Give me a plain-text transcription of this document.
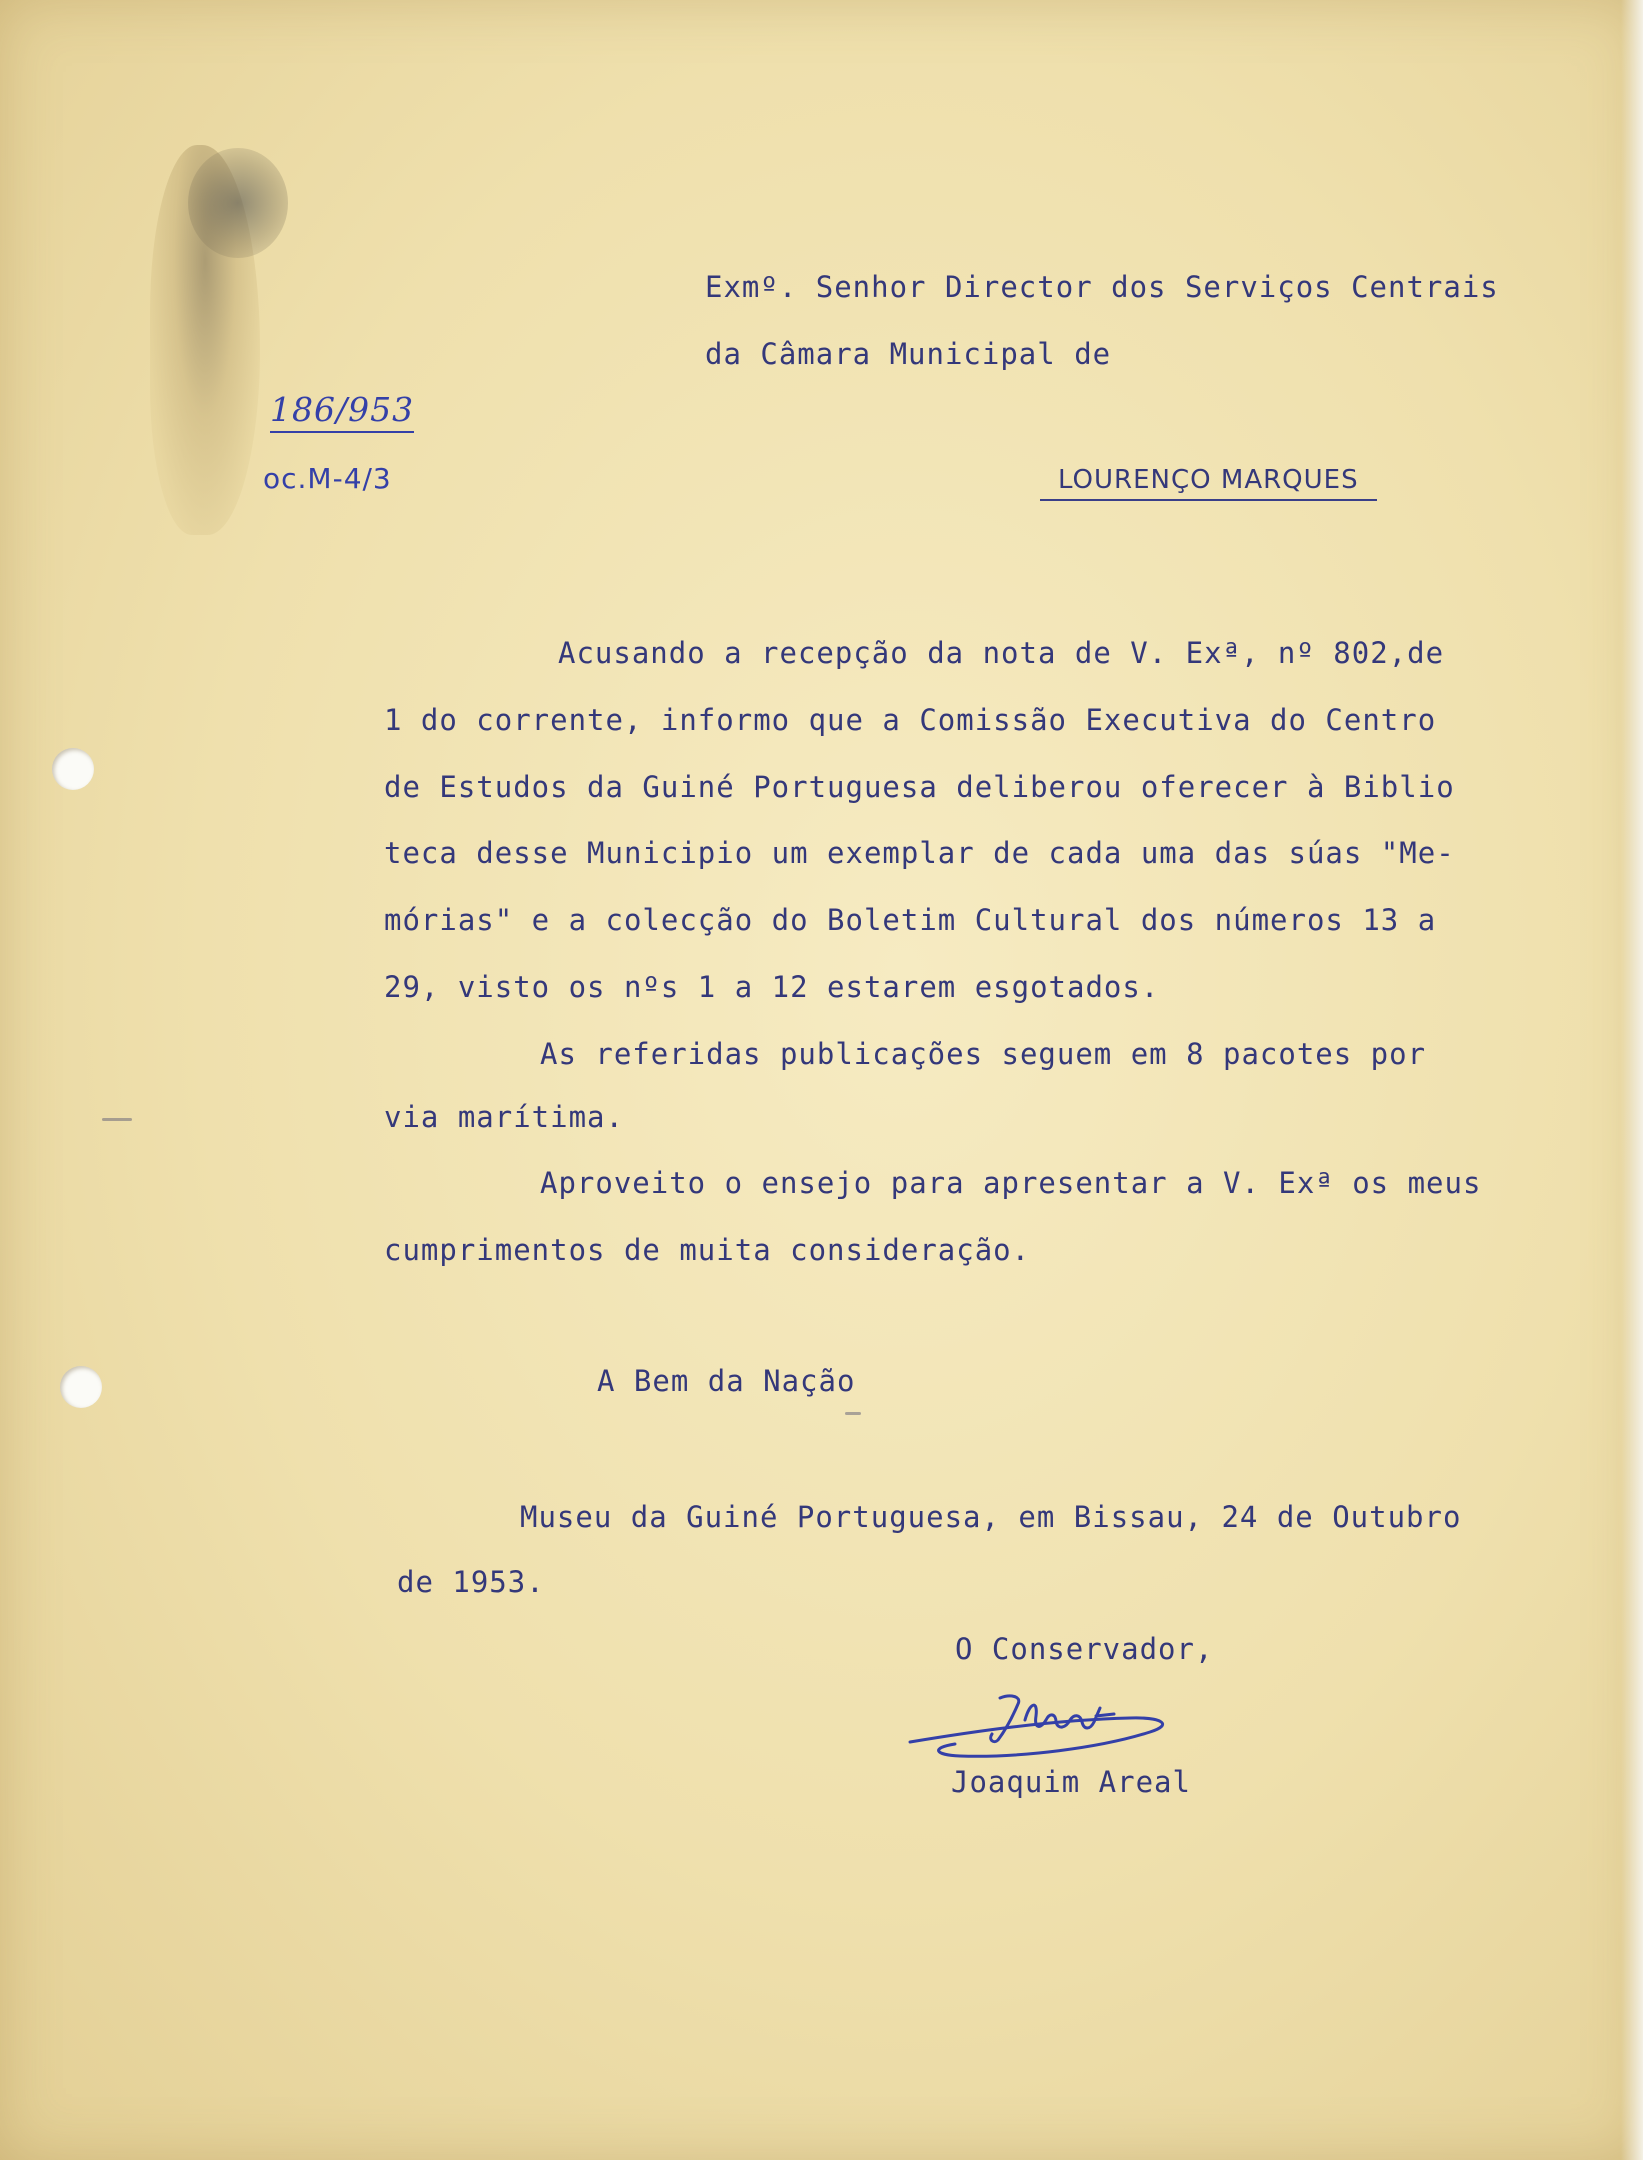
186/953
oc.M-4/3
Exmº. Senhor Director dos Serviços Centrais
da Câmara Municipal de
LOURENÇO MARQUES
Acusando a recepção da nota de V. Exª, nº 802,de
1 do corrente, informo que a Comissão Executiva do Centro
de Estudos da Guiné Portuguesa deliberou oferecer à Biblio
teca desse Municipio um exemplar de cada uma das súas "Me-
mórias" e a colecção do Boletim Cultural dos números 13 a
29, visto os nºs 1 a 12 estarem esgotados.
As referidas publicações seguem em 8 pacotes por
via marítima.
Aproveito o ensejo para apresentar a V. Exª os meus
cumprimentos de muita consideração.
A Bem da Nação
Museu da Guiné Portuguesa, em Bissau, 24 de Outubro
de 1953.
O Conservador,
Joaquim Areal
